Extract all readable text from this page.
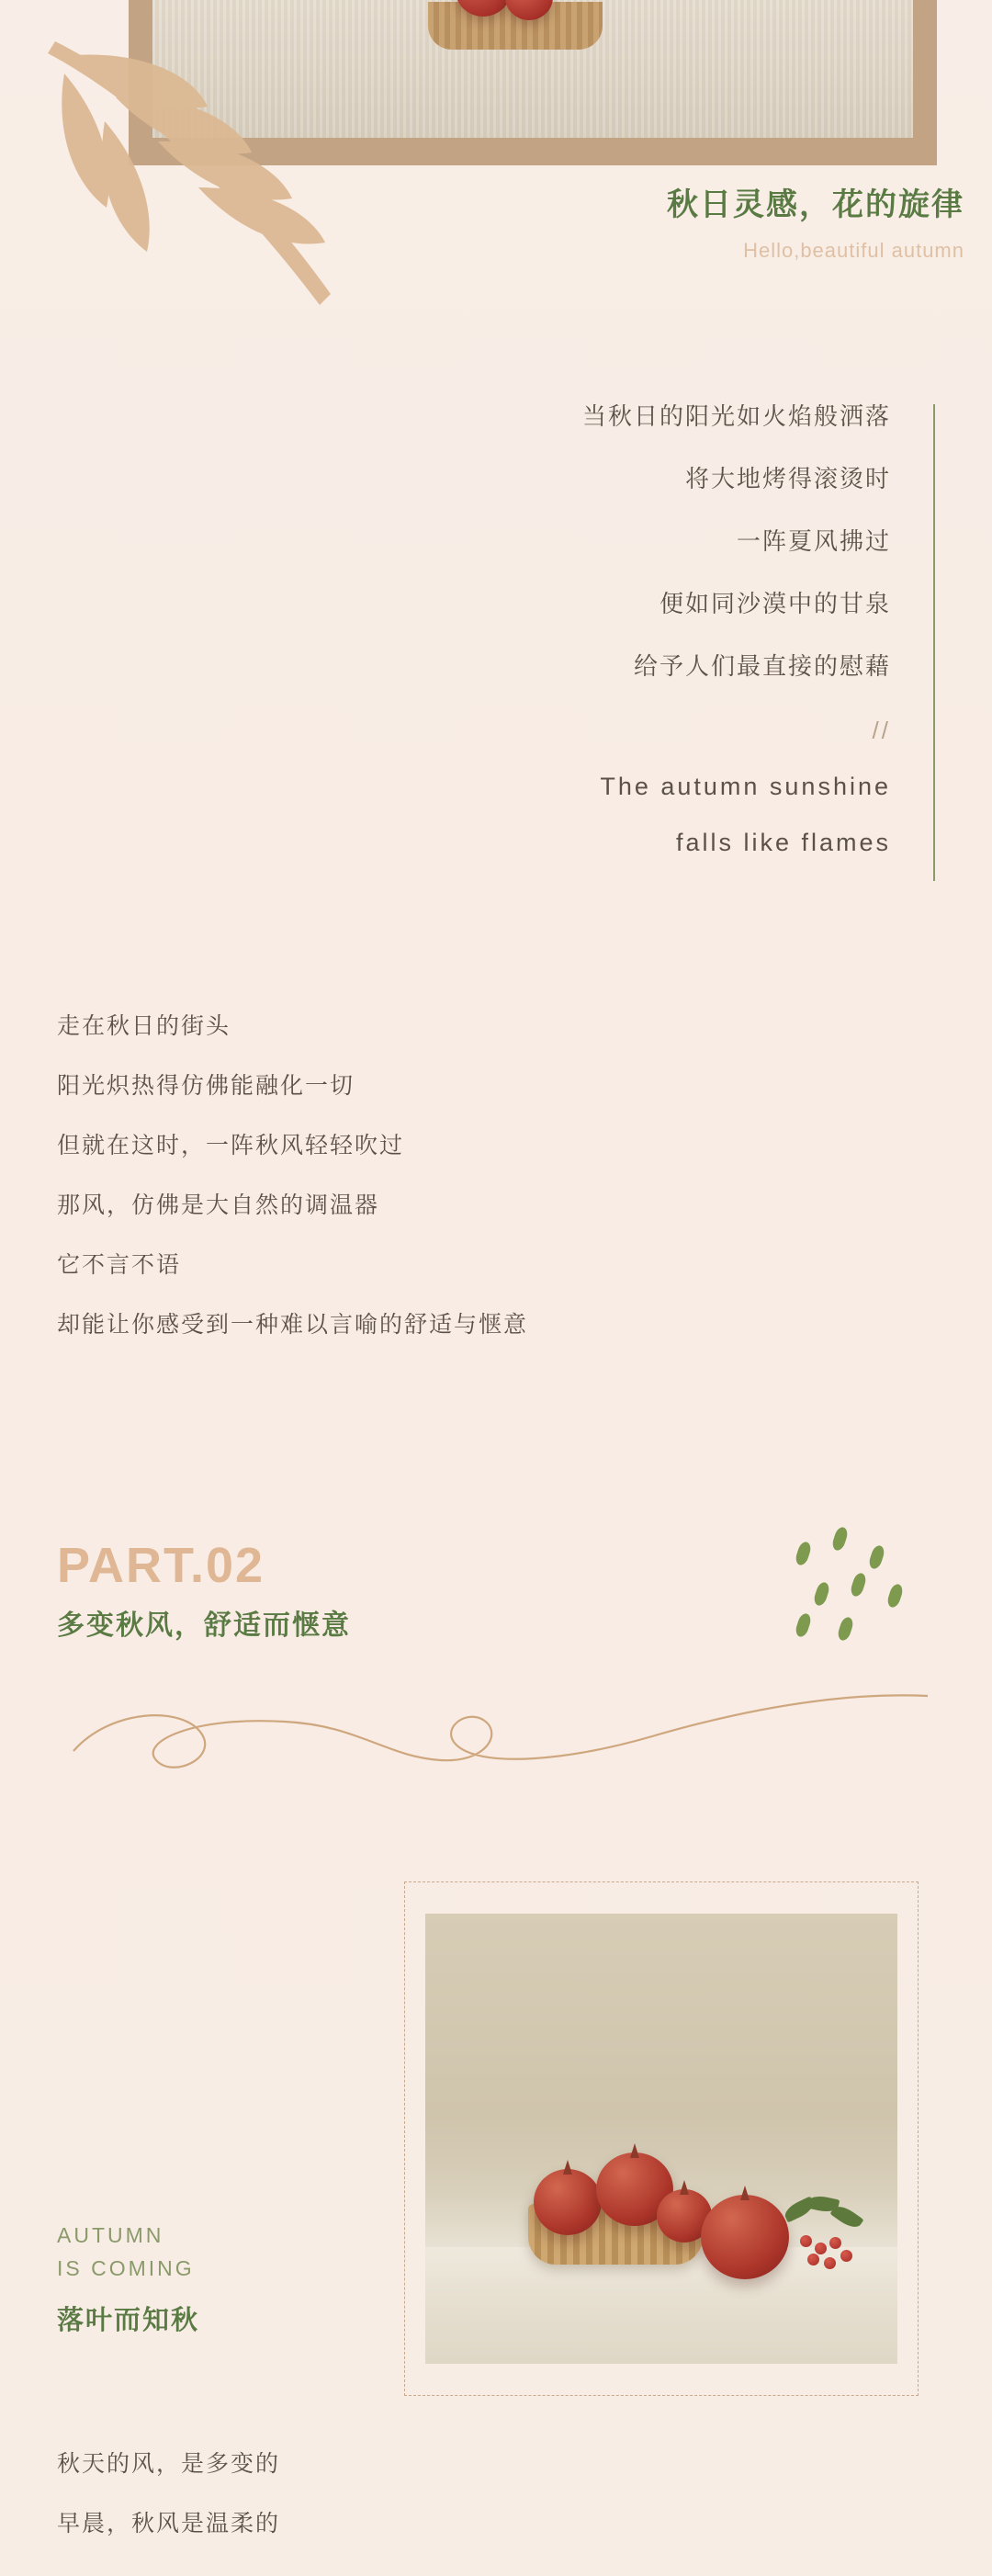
秋日灵感，花的旋律
Hello,beautiful autumn
当秋日的阳光如火焰般洒落
将大地烤得滚烫时
一阵夏风拂过
便如同沙漠中的甘泉
给予人们最直接的慰藉
//
The autumn sunshine
falls like flames
走在秋日的街头
阳光炽热得仿佛能融化一切
但就在这时，一阵秋风轻轻吹过
那风，仿佛是大自然的调温器
它不言不语
却能让你感受到一种难以言喻的舒适与惬意
PART.02
多变秋风，舒适而惬意
AUTUMN
IS COMING
落叶而知秋
秋天的风，是多变的
早晨，秋风是温柔的
